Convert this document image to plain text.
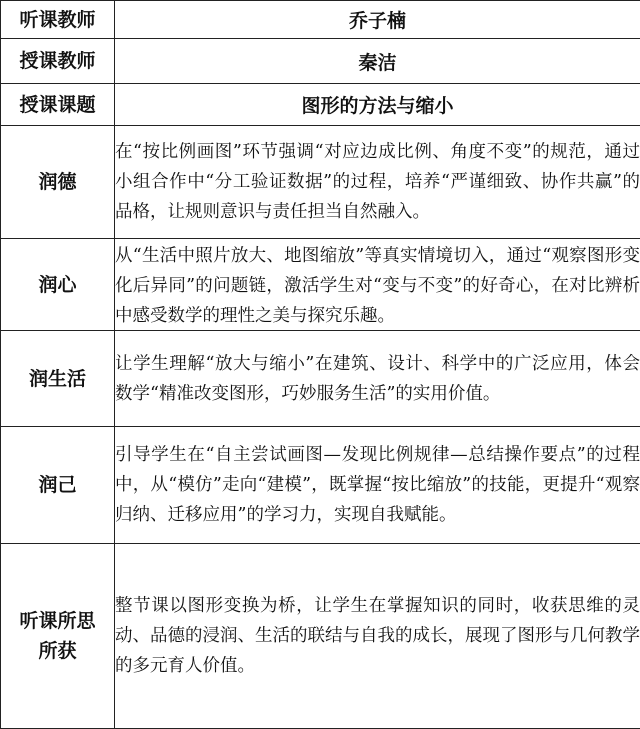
听课教师	乔子楠
授课教师	秦洁
授课课题	图形的方法与缩小
润德	在“按比例画图”环节强调“对应边成比例、角度不变”的规范，通过小组合作中“分工验证数据”的过程，培养“严谨细致、协作共赢”的品格，让规则意识与责任担当自然融入。
润心	从“生活中照片放大、地图缩放”等真实情境切入，通过“观察图形变化后异同”的问题链，激活学生对“变与不变”的好奇心，在对比辨析中感受数学的理性之美与探究乐趣。

润生活	让学生理解“放大与缩小”在建筑、设计、科学中的广泛应用，体会数学“精准改变图形，巧妙服务生活”的实用价值。
润己	引导学生在“自主尝试画图—发现比例规律—总结操作要点”的过程中，从“模仿”走向“建模”，既掌握“按比缩放”的技能，更提升“观察归纳、迁移应用”的学习力，实现自我赋能。
听课所思所获	整节课以图形变换为桥，让学生在掌握知识的同时，收获思维的灵动、品德的浸润、生活的联结与自我的成长，展现了图形与几何教学的多元育人价值。
